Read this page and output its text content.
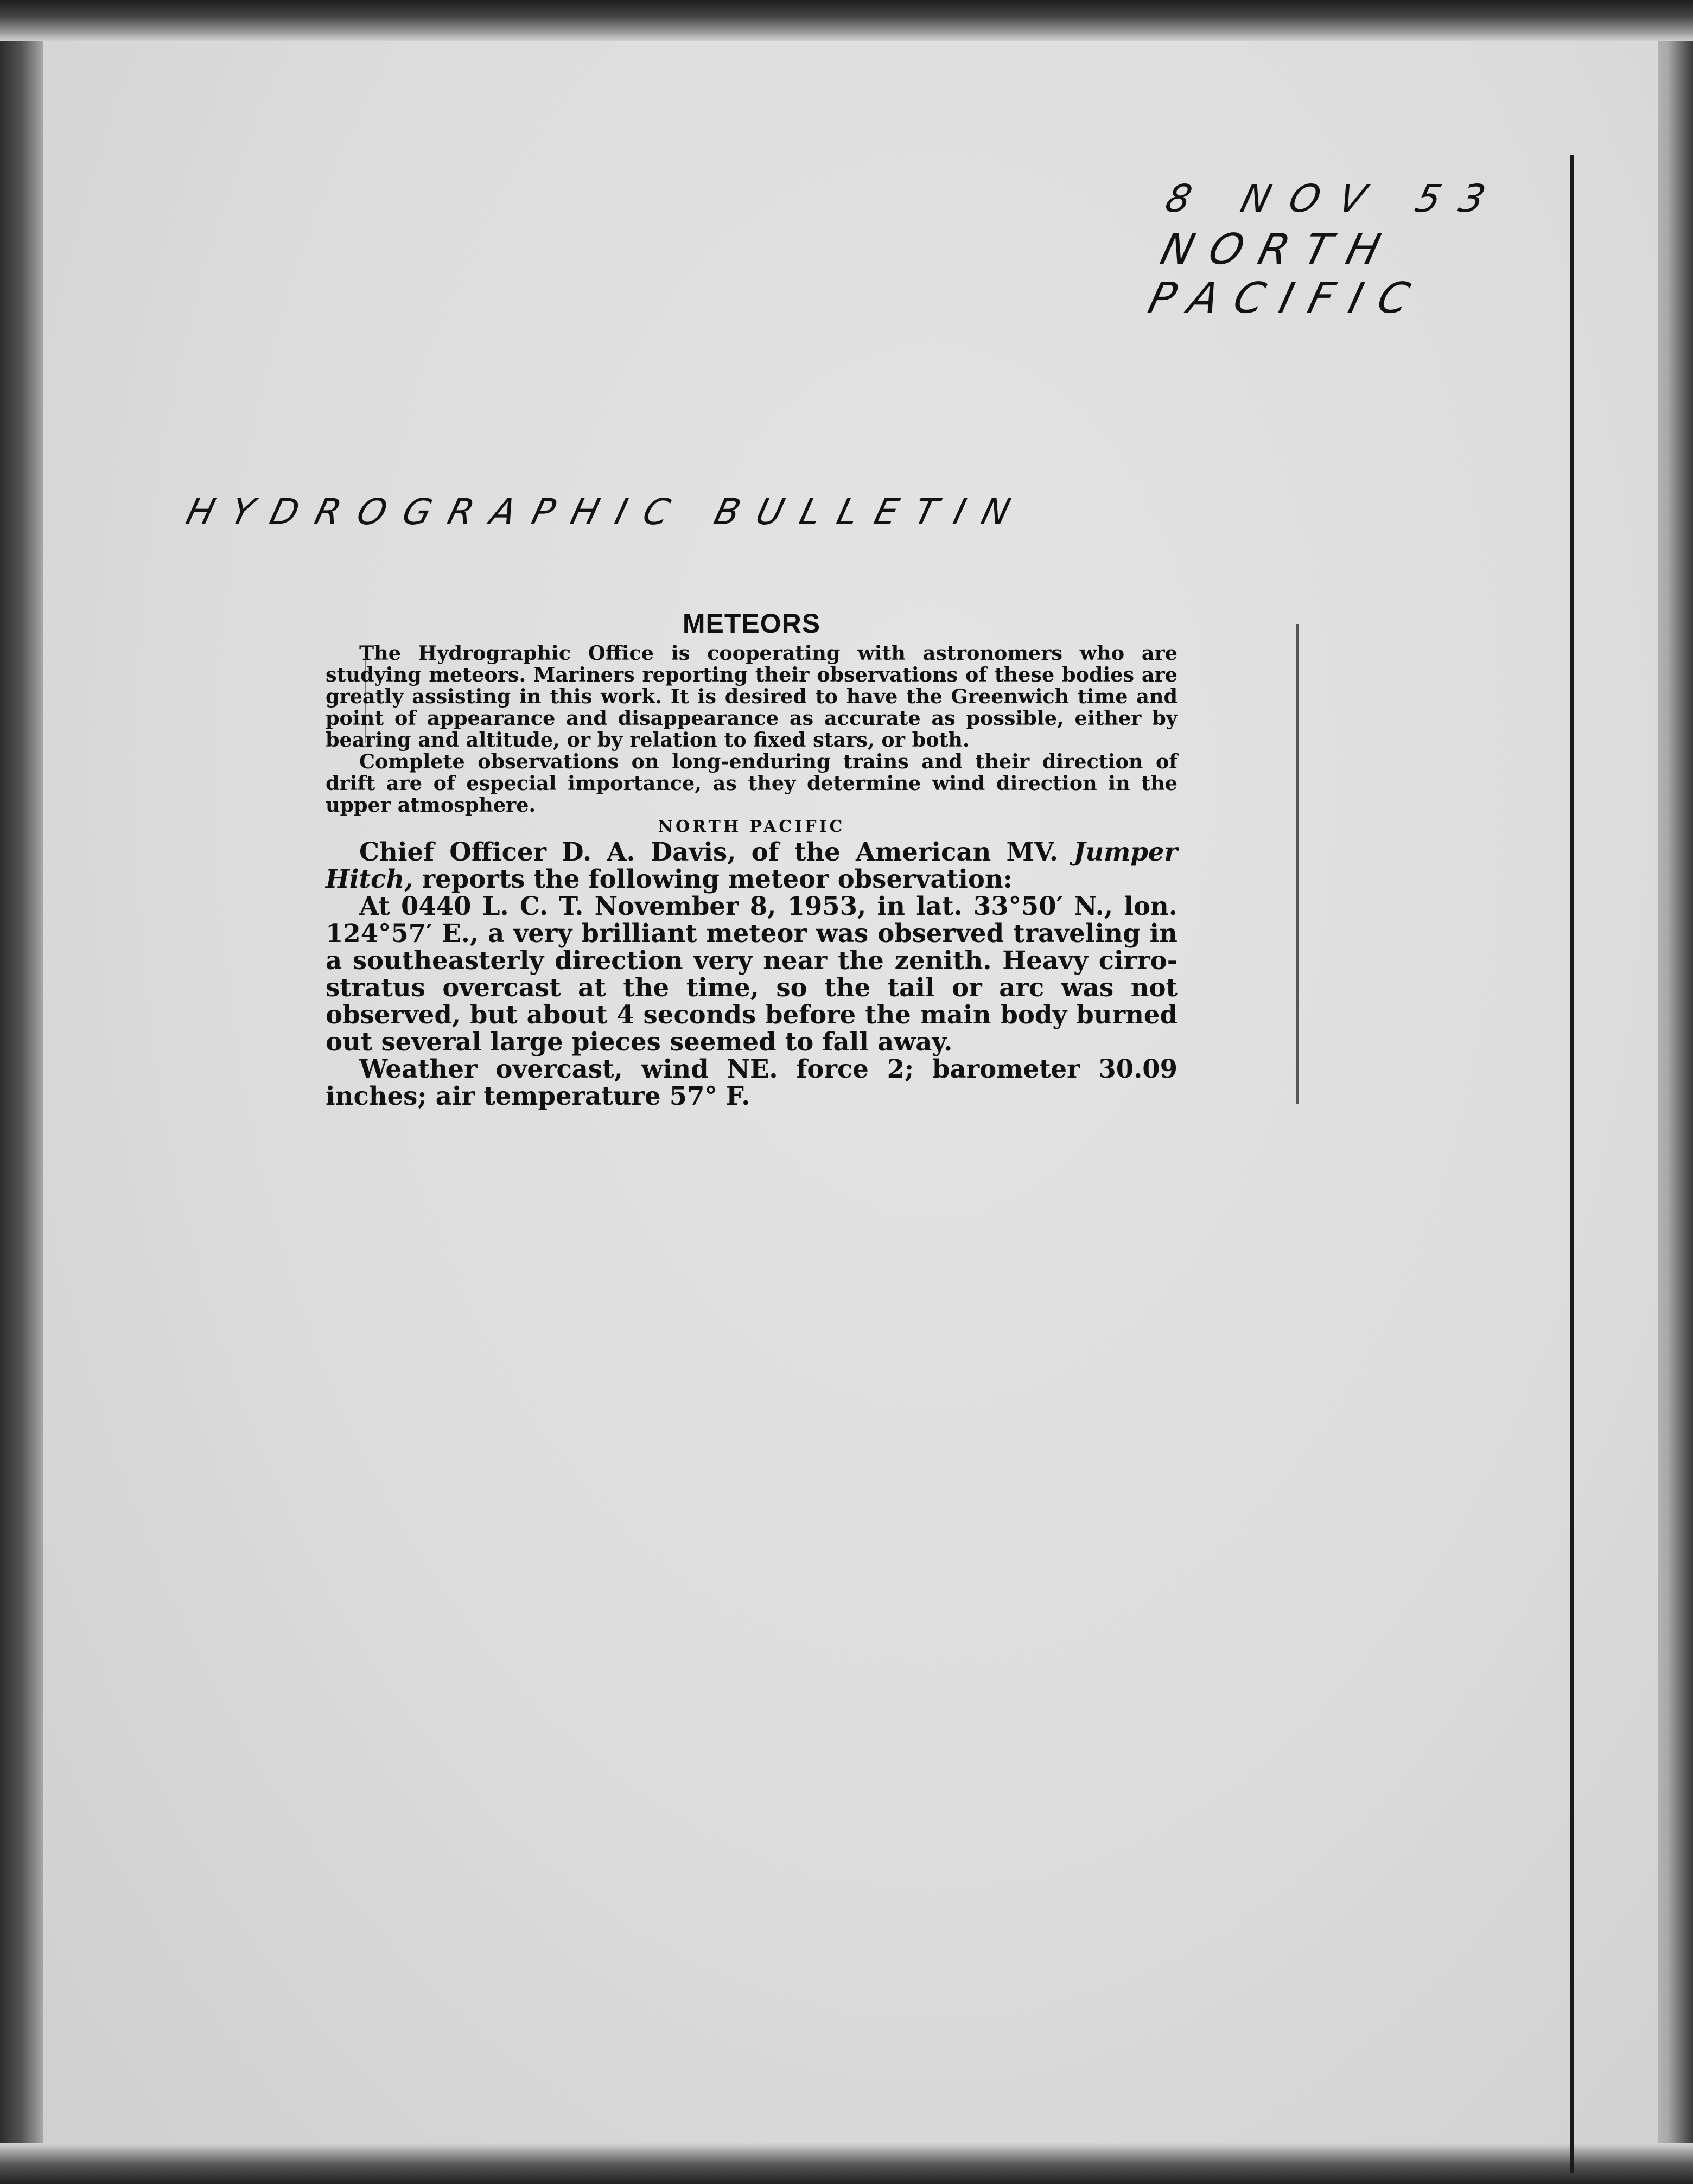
8 NOV 53
NORTH PACIFIC
HYDROGRAPHIC BULLETIN
METEORS

The Hydrographic Office is cooperating with astronomers who are studying meteors. Mariners reporting their observations of these bodies are greatly assisting in this work. It is desired to have the Greenwich time and point of appearance and disappearance as accurate as possible, either by bearing and altitude, or by relation to fixed stars, or both.

Complete observations on long-enduring trains and their direction of drift are of especial importance, as they determine wind direction in the upper atmosphere.

NORTH PACIFIC

Chief Officer D. A. Davis, of the American MV. Jumper Hitch, reports the following meteor observation:

At 0440 L. C. T. November 8, 1953, in lat. 33°50′ N., lon. 124°57′ E., a very brilliant meteor was observed traveling in a southeasterly direction very near the zenith. Heavy cirro-stratus overcast at the time, so the tail or arc was not observed, but about 4 seconds before the main body burned out several large pieces seemed to fall away.

Weather overcast, wind NE. force 2; barometer 30.09 inches; air temperature 57° F.
